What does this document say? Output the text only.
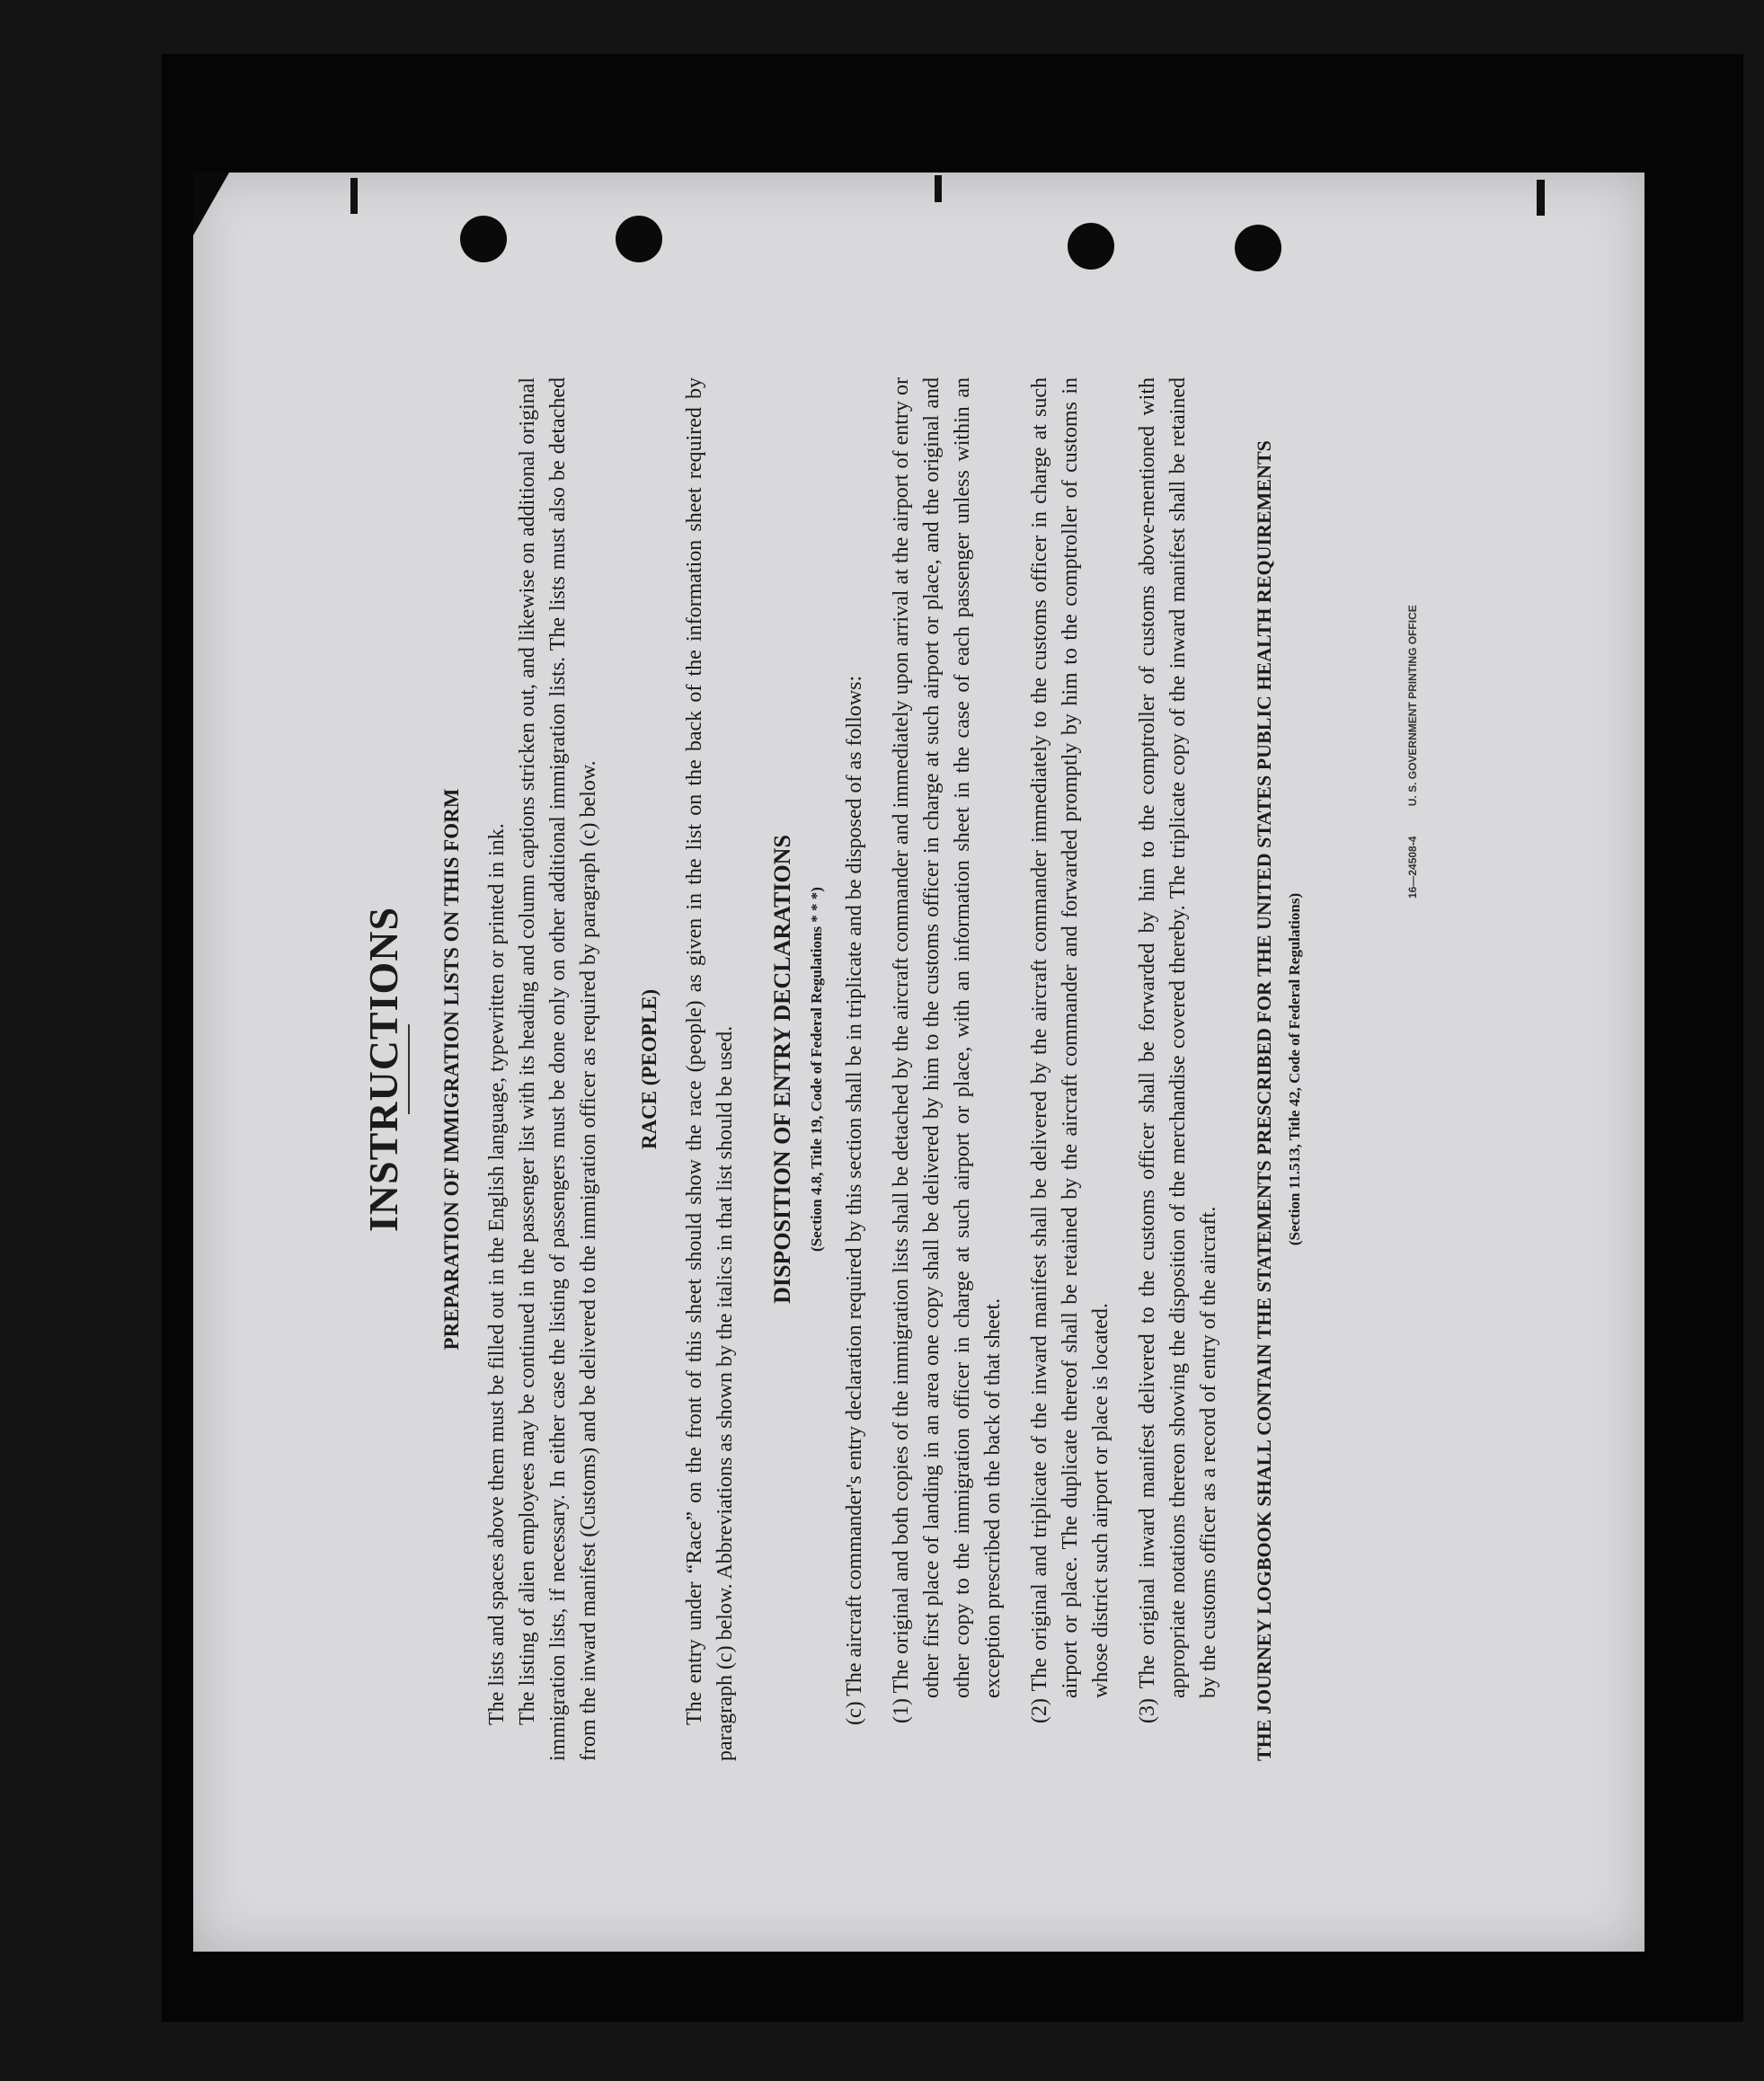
INSTRUCTIONS PREPARATION OF IMMIGRATION LISTS ON THIS FORM The lists and spaces above them must be filled out in the English language, typewritten or printed in ink. The listing of alien employees may be continued in the passenger list with its heading and column captions stricken out, and likewise on additional original immigration lists, if necessary. In either case the listing of passengers must be done only on other additional immigration lists. The lists must also be detached from the inward manifest (Customs) and be delivered to the immigration officer as required by paragraph (c) below. RACE (PEOPLE) The entry under “Race” on the front of this sheet should show the race (people) as given in the list on the back of the information sheet required by paragraph (c) below. Abbreviations as shown by the italics in that list should be used. DISPOSITION OF ENTRY DECLARATIONS (Section 4.8, Title 19, Code of Federal Regulations * * *) (c) The aircraft commander's entry declaration required by this section shall be in triplicate and be disposed of as follows: (1) The original and both copies of the immigration lists shall be detached by the aircraft commander and immediately upon arrival at the airport of entry or other first place of landing in an area one copy shall be delivered by him to the customs officer in charge at such airport or place, and the original and other copy to the immigration officer in charge at such airport or place, with an information sheet in the case of each passenger unless within an exception prescribed on the back of that sheet. (2) The original and triplicate of the inward manifest shall be delivered by the aircraft commander immediately to the customs officer in charge at such airport or place. The duplicate thereof shall be retained by the aircraft commander and forwarded promptly by him to the comptroller of customs in whose district such airport or place is located. (3) The original inward manifest delivered to the customs officer shall be forwarded by him to the comptroller of customs above-mentioned with appropriate notations thereon showing the disposition of the merchandise covered thereby. The triplicate copy of the inward manifest shall be retained by the customs officer as a record of entry of the aircraft. THE JOURNEY LOGBOOK SHALL CONTAIN THE STATEMENTS PRESCRIBED FOR THE UNITED STATES PUBLIC HEALTH REQUIREMENTS (Section 11.513, Title 42, Code of Federal Regulations)
16—24508-4 U. S. GOVERNMENT PRINTING OFFICE
